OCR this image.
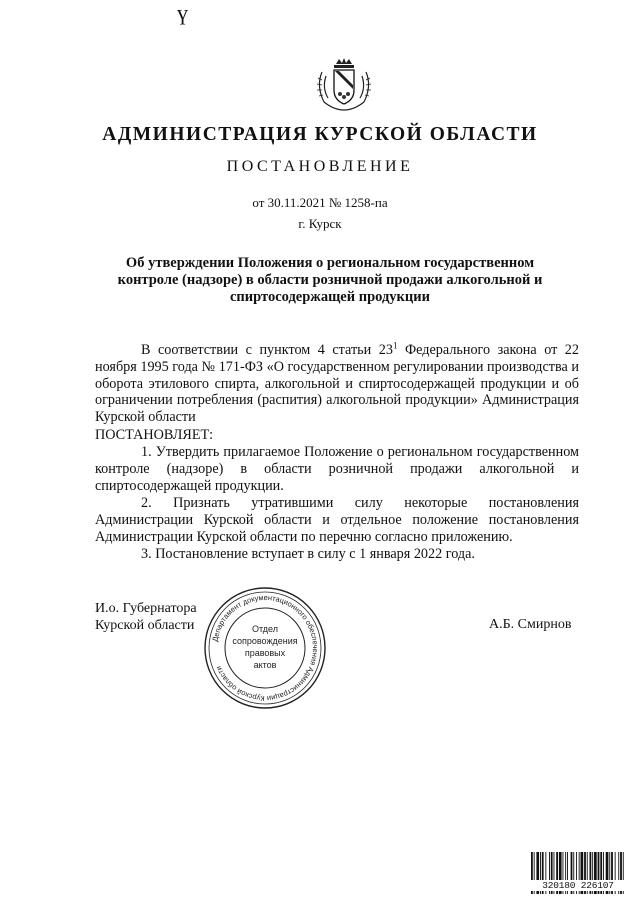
ү
АДМИНИСТРАЦИЯ КУРСКОЙ ОБЛАСТИ
ПОСТАНОВЛЕНИЕ
от 30.11.2021 № 1258-па
г. Курск
Об утверждении Положения о региональном государственном контроле (надзоре) в области розничной продажи алкогольной и спиртосодержащей продукции
В соответствии с пунктом 4 статьи $23^1$ Федерального закона от 22 ноября 1995 года № 171-ФЗ «О государственном регулировании производства и оборота этилового спирта, алкогольной и спиртосодержащей продукции и об ограничении потребления (распития) алкогольной продукции» Администрация Курской области
ПОСТАНОВЛЯЕТ:
1. Утвердить прилагаемое Положение о региональном государственном контроле (надзоре) в области розничной продажи алкогольной и спиртосодержащей продукции.
2. Признать утратившими силу некоторые постановления Администрации Курской области и отдельное положение постановления Администрации Курской области по перечню согласно приложению.
3. Постановление вступает в силу с 1 января 2022 года.
И.о. Губернатора
Курской области	А.Б. Смирнов
Департамент документационного обеспечения Администрации Курской области
Отдел
сопровождения
правовых
актов
320180 226107
